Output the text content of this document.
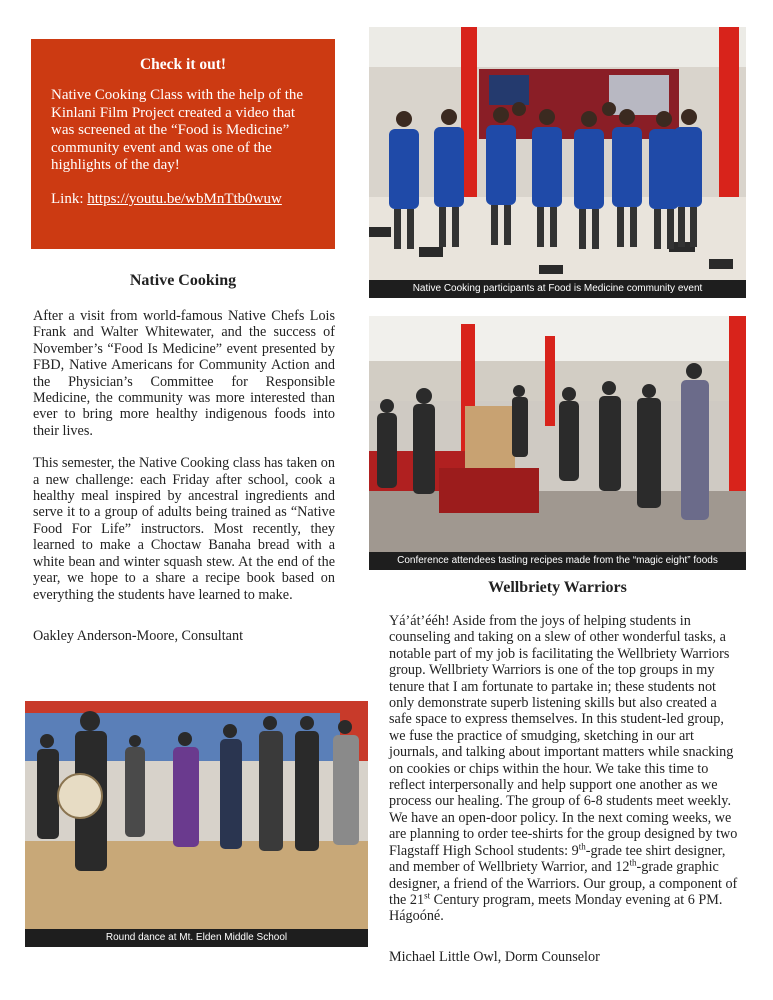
Check it out!

Native Cooking Class with the help of the Kinlani Film Project created a video that was screened at the “Food is Medicine” community event and was one of the highlights of the day!

Link: https://youtu.be/wbMnTtb0wuw

Native Cooking

After a visit from world-famous Native Chefs Lois Frank and Walter Whitewater, and the success of November’s “Food Is Medicine” event presented by FBD, Native Americans for Community Action and the Physician’s Committee for Responsible Medicine, the community was more interested than ever to bring more healthy indigenous foods into their lives.

This semester, the Native Cooking class has taken on a new challenge: each Friday after school, cook a healthy meal inspired by ancestral ingredients and serve it to a group of adults being trained as “Native Food For Life” instructors. Most recently, they learned to make a Choctaw Banaha bread with a white bean and winter squash stew. At the end of the year, we hope to a share a recipe book based on everything the students have learned to make.

Oakley Anderson-Moore, Consultant

Native Cooking participants at Food is Medicine community event
Conference attendees tasting recipes made from the “magic eight” foods
Round dance at Mt. Elden Middle School
Wellbriety Warriors

Yá’át’ééh! Aside from the joys of helping students in counseling and taking on a slew of other wonderful tasks, a notable part of my job is facilitating the Wellbriety Warriors group. Wellbriety Warriors is one of the top groups in my tenure that I am fortunate to partake in; these students not only demonstrate superb listening skills but also created a safe space to express themselves. In this student-led group, we fuse the practice of smudging, sketching in our art journals, and talking about important matters while snacking on cookies or chips within the hour. We take this time to reflect interpersonally and help support one another as we process our healing. The group of 6-8 students meet weekly. We have an open-door policy. In the next coming weeks, we are planning to order tee-shirts for the group designed by two Flagstaff High School students: 9th-grade tee shirt designer, and member of Wellbriety Warrior, and 12th-grade graphic designer, a friend of the Warriors. Our group, a component of the 21st Century program, meets Monday evening at 6 PM. Hágoóné.

Michael Little Owl, Dorm Counselor
